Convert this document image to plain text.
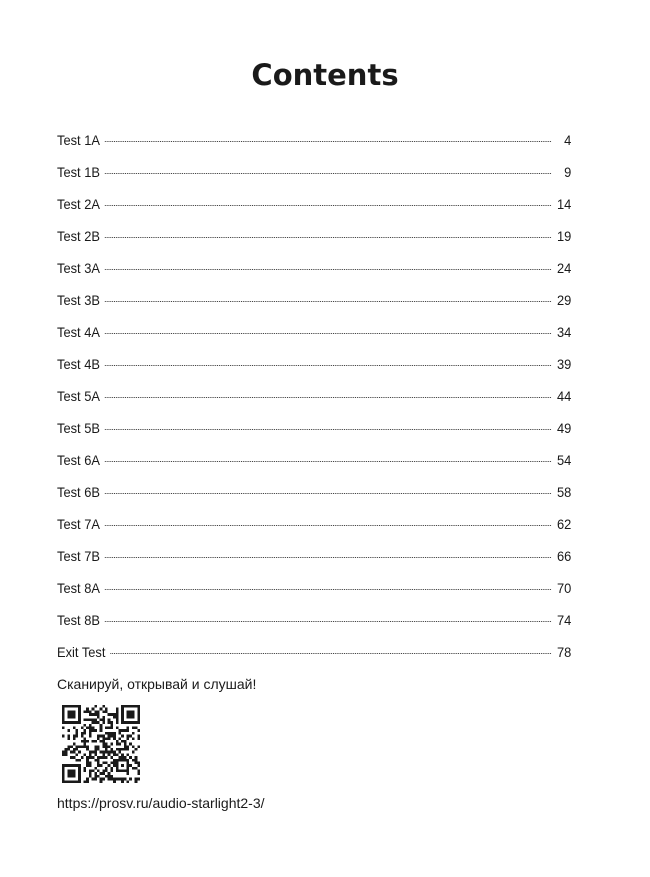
Contents
Test 1A	4
Test 1B	9
Test 2A	14
Test 2B	19
Test 3A	24
Test 3B	29
Test 4A	34
Test 4B	39
Test 5A	44
Test 5B	49
Test 6A	54
Test 6B	58
Test 7A	62
Test 7B	66
Test 8A	70
Test 8B	74
Exit Test	78
Сканируй, открывай и слушай!
https://prosv.ru/audio-starlight2-3/
